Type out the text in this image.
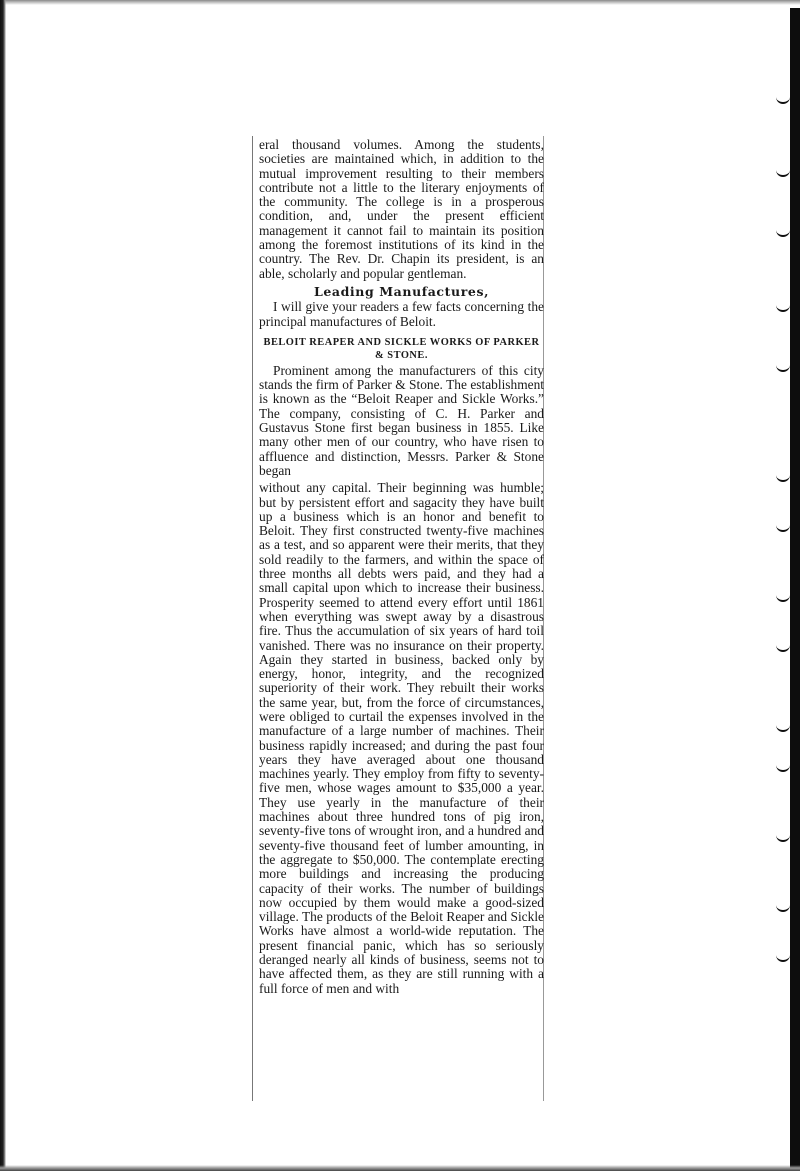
eral thousand volumes. Among the students, societies are maintained which, in addition to the mutual improvement resulting to their members contribute not a little to the literary enjoyments of the community. The college is in a prosperous condition, and, under the present efficient management it cannot fail to maintain its position among the foremost institutions of its kind in the country. The Rev. Dr. Chapin its president, is an able, scholarly and popular gentleman.

Leading Manufactures,

I will give your readers a few facts concerning the principal manufactures of Beloit.

BELOIT REAPER AND SICKLE WORKS OF PARKER & STONE.

Prominent among the manufacturers of this city stands the firm of Parker & Stone. The establishment is known as the “Beloit Reaper and Sickle Works.” The company, consisting of C. H. Parker and Gustavus Stone first began business in 1855. Like many other men of our country, who have risen to affluence and distinction, Messrs. Parker & Stone began

without any capital. Their beginning was humble; but by persistent effort and sagacity they have built up a business which is an honor and benefit to Beloit. They first constructed twenty-five machines as a test, and so apparent were their merits, that they sold readily to the farmers, and within the space of three months all debts wers paid, and they had a small capital upon which to increase their business. Prosperity seemed to attend every effort until 1861 when everything was swept away by a disastrous fire. Thus the accumulation of six years of hard toil vanished. There was no insurance on their property. Again they started in business, backed only by energy, honor, integrity, and the recognized superiority of their work. They rebuilt their works the same year, but, from the force of circumstances, were obliged to curtail the expenses involved in the manufacture of a large number of machines. Their business rapidly increased; and during the past four years they have averaged about one thousand machines yearly. They employ from fifty to seventy-five men, whose wages amount to $35,000 a year. They use yearly in the manufacture of their machines about three hundred tons of pig iron, seventy-five tons of wrought iron, and a hundred and seventy-five thousand feet of lumber amounting, in the aggregate to $50,000. The contemplate erecting more buildings and increasing the producing capacity of their works. The number of buildings now occupied by them would make a good-sized village. The products of the Beloit Reaper and Sickle Works have almost a world-wide reputation. The present financial panic, which has so seriously deranged nearly all kinds of business, seems not to have affected them, as they are still running with a full force of men and with
